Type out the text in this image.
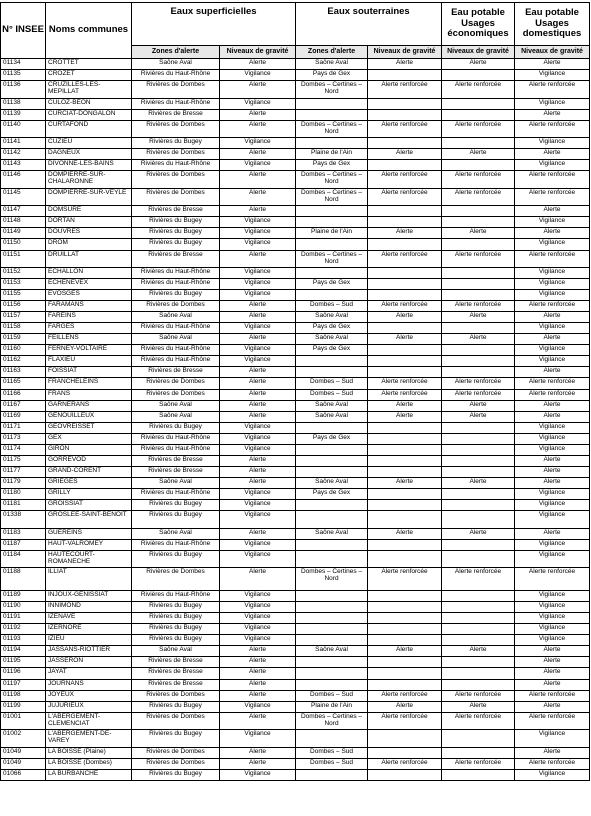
N° INSEE	Noms communes	Eaux superficielles		Eaux souterraines		Eau potable Usages économiques	Eau potable Usages domestiques
		Zones d'alerte	Niveaux de gravité	Zones d'alerte	Niveaux de gravité	Niveaux de gravité	Niveaux de gravité
01134	CROTTET	Saône Aval	Alerte	Saône Aval	Alerte	Alerte	Alerte
01135	CROZET	Rivières du Haut-Rhône	Vigilance	Pays de Gex			Vigilance
01136	CRUZILLES-LES-MEPILLAT	Rivières de Dombes	Alerte	Dombes – Certines – Nord	Alerte renforcée	Alerte renforcée	Alerte renforcée
01138	CULOZ-BEON	Rivières du Haut-Rhône	Vigilance				Vigilance
01139	CURCIAT-DONGALON	Rivières de Bresse	Alerte				Alerte
01140	CURTAFOND	Rivières de Dombes	Alerte	Dombes – Certines – Nord	Alerte renforcée	Alerte renforcée	Alerte renforcée
01141	CUZIEU	Rivières du Bugey	Vigilance				Vigilance
01142	DAGNEUX	Rivières de Dombes	Alerte	Plaine de l'Ain	Alerte	Alerte	Alerte
01143	DIVONNE-LES-BAINS	Rivières du Haut-Rhône	Vigilance	Pays de Gex			Vigilance
01146	DOMPIERRE-SUR-CHALARONNE	Rivières de Dombes	Alerte	Dombes – Certines – Nord	Alerte renforcée	Alerte renforcée	Alerte renforcée
01145	DOMPIERRE-SUR-VEYLE	Rivières de Dombes	Alerte	Dombes – Certines – Nord	Alerte renforcée	Alerte renforcée	Alerte renforcée
01147	DOMSURE	Rivières de Bresse	Alerte				Alerte
01148	DORTAN	Rivières du Bugey	Vigilance				Vigilance
01149	DOUVRES	Rivières du Bugey	Vigilance	Plaine de l'Ain	Alerte	Alerte	Alerte
01150	DROM	Rivières du Bugey	Vigilance				Vigilance
01151	DRUILLAT	Rivières de Bresse	Alerte	Dombes – Certines – Nord	Alerte renforcée	Alerte renforcée	Alerte renforcée
01152	ECHALLON	Rivières du Haut-Rhône	Vigilance				Vigilance
01153	ECHENEVEX	Rivières du Haut-Rhône	Vigilance	Pays de Gex			Vigilance
01155	EVOSGES	Rivières du Bugey	Vigilance				Vigilance
01156	FARAMANS	Rivières de Dombes	Alerte	Dombes – Sud	Alerte renforcée	Alerte renforcée	Alerte renforcée
01157	FAREINS	Saône Aval	Alerte	Saône Aval	Alerte	Alerte	Alerte
01158	FARGES	Rivières du Haut-Rhône	Vigilance	Pays de Gex			Vigilance
01159	FEILLENS	Saône Aval	Alerte	Saône Aval	Alerte	Alerte	Alerte
01160	FERNEY-VOLTAIRE	Rivières du Haut-Rhône	Vigilance	Pays de Gex			Vigilance
01162	FLAXIEU	Rivières du Haut-Rhône	Vigilance				Vigilance
01163	FOISSIAT	Rivières de Bresse	Alerte				Alerte
01165	FRANCHELEINS	Rivières de Dombes	Alerte	Dombes – Sud	Alerte renforcée	Alerte renforcée	Alerte renforcée
01166	FRANS	Rivières de Dombes	Alerte	Dombes – Sud	Alerte renforcée	Alerte renforcée	Alerte renforcée
01167	GARNERANS	Saône Aval	Alerte	Saône Aval	Alerte	Alerte	Alerte
01169	GENOUILLEUX	Saône Aval	Alerte	Saône Aval	Alerte	Alerte	Alerte
01171	GEOVREISSET	Rivières du Bugey	Vigilance				Vigilance
01173	GEX	Rivières du Haut-Rhône	Vigilance	Pays de Gex			Vigilance
01174	GIRON	Rivières du Haut-Rhône	Vigilance				Vigilance
01175	GORREVOD	Rivières de Bresse	Alerte				Alerte
01177	GRAND-CORENT	Rivières de Bresse	Alerte				Alerte
01179	GRIEGES	Saône Aval	Alerte	Saône Aval	Alerte	Alerte	Alerte
01180	GRILLY	Rivières du Haut-Rhône	Vigilance	Pays de Gex			Vigilance
01181	GROISSIAT	Rivières du Bugey	Vigilance				Vigilance
01338	GROSLEE-SAINT-BENOIT	Rivières du Bugey	Vigilance				Vigilance
01183	GUEREINS	Saône Aval	Alerte	Saône Aval	Alerte	Alerte	Alerte
01187	HAUT-VALROMEY	Rivières du Haut-Rhône	Vigilance				Vigilance
01184	HAUTECOURT-ROMANECHE	Rivières du Bugey	Vigilance				Vigilance
01188	ILLIAT	Rivières de Dombes	Alerte	Dombes – Certines – Nord	Alerte renforcée	Alerte renforcée	Alerte renforcée
01189	INJOUX-GENISSIAT	Rivières du Haut-Rhône	Vigilance				Vigilance
01190	INNIMOND	Rivières du Bugey	Vigilance				Vigilance
01191	IZENAVE	Rivières du Bugey	Vigilance				Vigilance
01192	IZERNORE	Rivières du Bugey	Vigilance				Vigilance
01193	IZIEU	Rivières du Bugey	Vigilance				Vigilance
01194	JASSANS-RIOTTIER	Saône Aval	Alerte	Saône Aval	Alerte	Alerte	Alerte
01195	JASSERON	Rivières de Bresse	Alerte				Alerte
01196	JAYAT	Rivières de Bresse	Alerte				Alerte
01197	JOURNANS	Rivières de Bresse	Alerte				Alerte
01198	JOYEUX	Rivières de Dombes	Alerte	Dombes – Sud	Alerte renforcée	Alerte renforcée	Alerte renforcée
01199	JUJURIEUX	Rivières du Bugey	Vigilance	Plaine de l'Ain	Alerte	Alerte	Alerte
01001	L'ABERGEMENT-CLEMENCIAT	Rivières de Dombes	Alerte	Dombes – Certines – Nord	Alerte renforcée	Alerte renforcée	Alerte renforcée
01002	L'ABERGEMENT-DE-VAREY	Rivières du Bugey	Vigilance				Vigilance
01049	LA BOISSE (Plaine)	Rivières de Dombes	Alerte	Dombes – Sud			Alerte
01049	LA BOISSE (Dombes)	Rivières de Dombes	Alerte	Dombes – Sud	Alerte renforcée	Alerte renforcée	Alerte renforcée
01066	LA BURBANCHE	Rivières du Bugey	Vigilance				Vigilance
